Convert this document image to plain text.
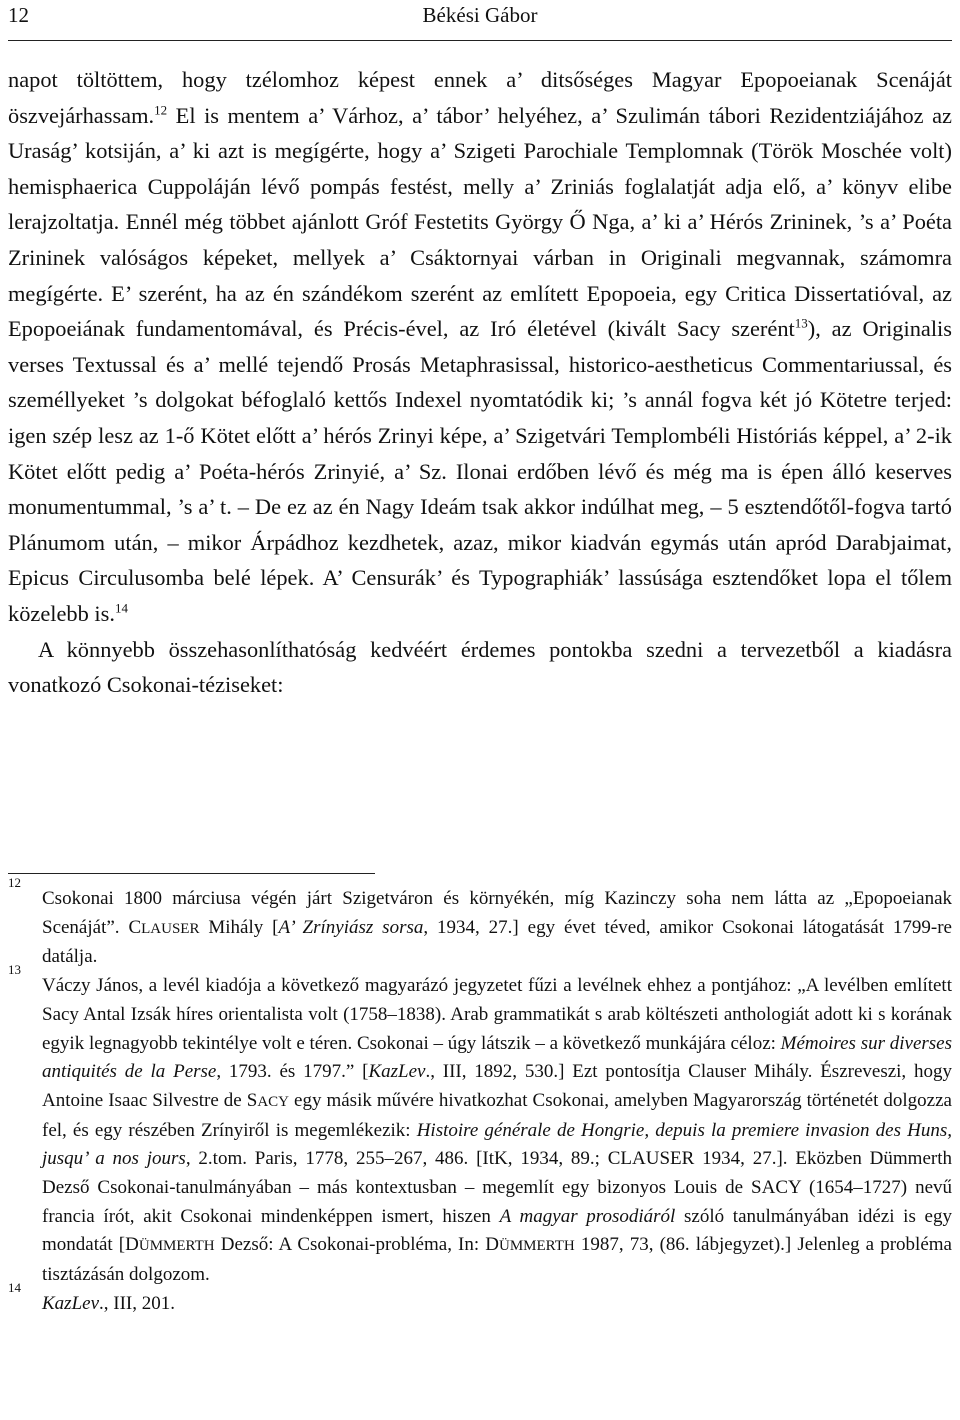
12	Békési Gábor

napot töltöttem, hogy tzélomhoz képest ennek a’ ditsőséges Magyar Epopoeianak Scenáját öszvejárhassam.$^{12}$ El is mentem a’ Várhoz, a’ tábor’ helyéhez, a’ Szulimán tábori Rezidentziájához az Uraság’ kotsiján, a’ ki azt is megígérte, hogy a’ Szigeti Parochiale Templomnak (Török Moschée volt) hemisphaerica Cuppoláján lévő pompás festést, melly a’ Zriniás foglalatját adja elő, a’ könyv elibe lerajzoltatja. Ennél még többet ajánlott Gróf Festetits György Ő Nga, a’ ki a’ Hérós Zrininek, ’s a’ Poéta Zrininek valóságos képeket, mellyek a’ Csáktornyai várban in Originali megvannak, számomra megígérte. E’ szerént, ha az én szándékom szerént az említett Epopoeia, egy Critica Dissertatióval, az Epopoeiának fundamentomával, és Précis-ével, az Iró életével (kivált Sacy szerént$^{13}$), az Originalis verses Textussal és a’ mellé tejendő Prosás Metaphrasissal, historico-aestheticus Commentariussal, és személlyeket ’s dolgokat béfoglaló kettős Indexel nyomtatódik ki; ’s annál fogva két jó Kötetre terjed: igen szép lesz az 1-ő Kötet előtt a’ hérós Zrinyi képe, a’ Szigetvári Templombéli Históriás képpel, a’ 2-ik Kötet előtt pedig a’ Poéta-hérós Zrinyié, a’ Sz. Ilonai erdőben lévő és még ma is épen álló keserves monumentummal, ’s a’ t. – De ez az én Nagy Ideám tsak akkor indúlhat meg, – 5 esztendőtől-fogva tartó Plánumom után, – mikor Árpádhoz kezdhetek, azaz, mikor kiadván egymás után apród Darabjaimat, Epicus Circulusomba belé lépek. A’ Censurák’ és Typographiák’ lassúsága esztendőket lopa el tőlem közelebb is.$^{14}$

A könnyebb összehasonlíthatóság kedvéért érdemes pontokba szedni a tervezetből a kiadásra vonatkozó Csokonai-téziseket:

12
Csokonai 1800 márciusa végén járt Szigetváron és környékén, míg Kazinczy soha nem látta az „Epopoeianak Scenáját”. CLAUSER Mihály [A’ Zrínyiász sorsa, 1934, 27.] egy évet téved, amikor Csokonai látogatását 1799-re datálja.
13
Váczy János, a levél kiadója a következő magyarázó jegyzetet fűzi a levélnek ehhez a pontjához: „A levélben említett Sacy Antal Izsák híres orientalista volt (1758–1838). Arab grammatikát s arab költészeti anthologiát adott ki s korának egyik legnagyobb tekintélye volt e téren. Csokonai – úgy látszik – a következő munkájára céloz: Mémoires sur diverses antiquités de la Perse, 1793. és 1797.” [KazLev., III, 1892, 530.] Ezt pontosítja Clauser Mihály. Észreveszi, hogy Antoine Isaac Silvestre de SACY egy másik művére hivatkozhat Csokonai, amelyben Magyarország történetét dolgozza fel, és egy részében Zrínyiről is megemlékezik: Histoire générale de Hongrie, depuis la premiere invasion des Huns, jusqu’ a nos jours, 2.tom. Paris, 1778, 255–267, 486. [ItK, 1934, 89.; CLAUSER 1934, 27.]. Eközben Dümmerth Dezső Csokonai-tanulmányában – más kontextusban – megemlít egy bizonyos Louis de SACY (1654–1727) nevű francia írót, akit Csokonai mindenképpen ismert, hiszen A magyar prosodiáról szóló tanulmányában idézi is egy mondatát [DÜMMERTH Dezső: A Csokonai-probléma, In: DÜMMERTH 1987, 73, (86. lábjegyzet).] Jelenleg a probléma tisztázásán dolgozom.
14
KazLev., III, 201.
